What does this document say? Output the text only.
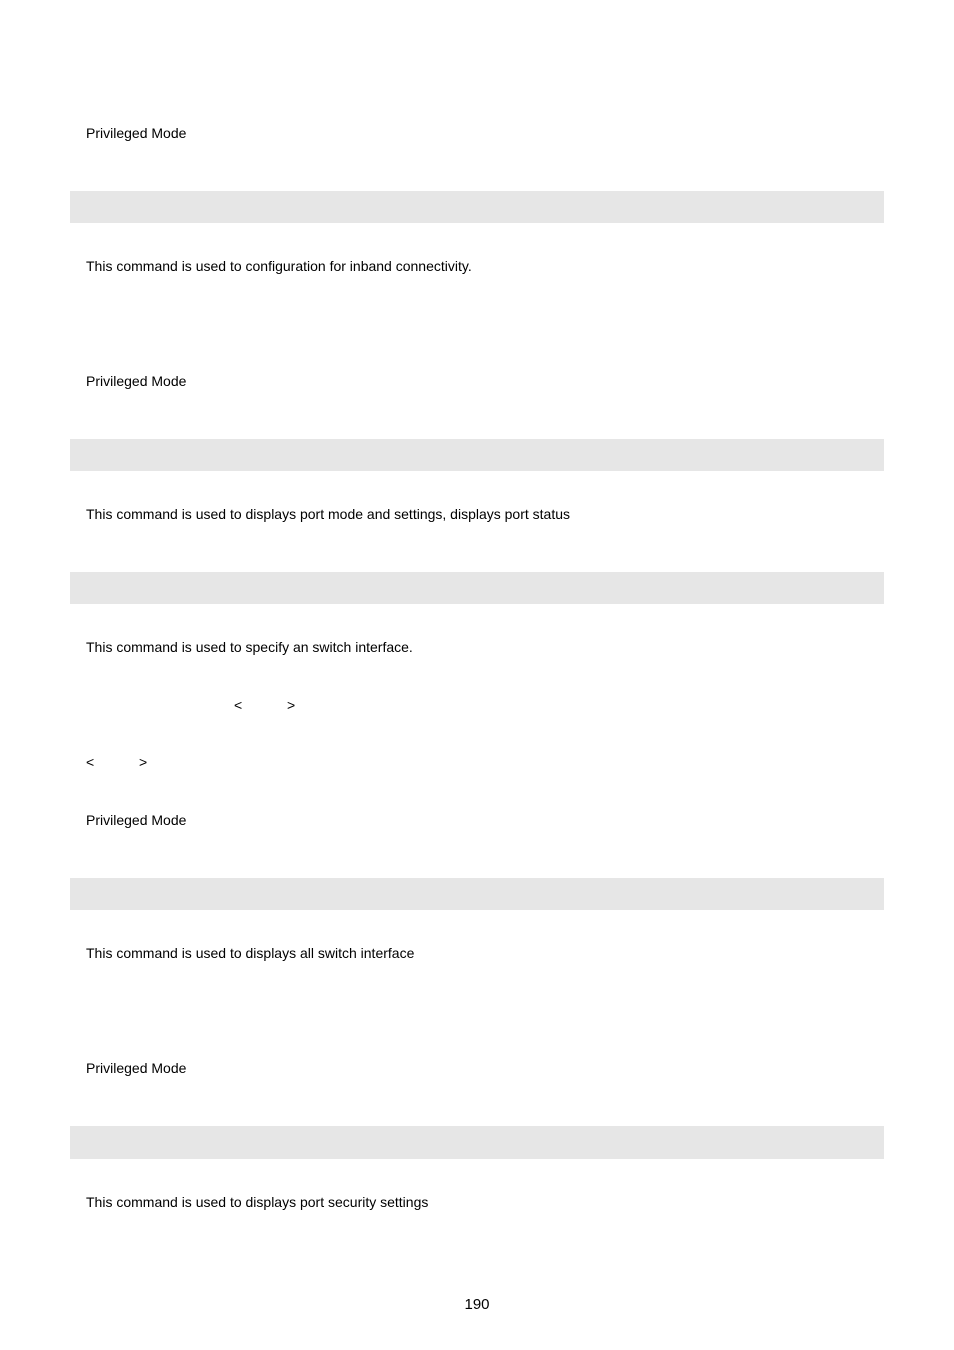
Privileged Mode
This command is used to configuration for inband connectivity.
Privileged Mode
This command is used to displays port mode and settings, displays port status
This command is used to specify an switch interface.
<	>
<	>
Privileged Mode
This command is used to displays all switch interface
Privileged Mode
This command is used to displays port security settings
190
